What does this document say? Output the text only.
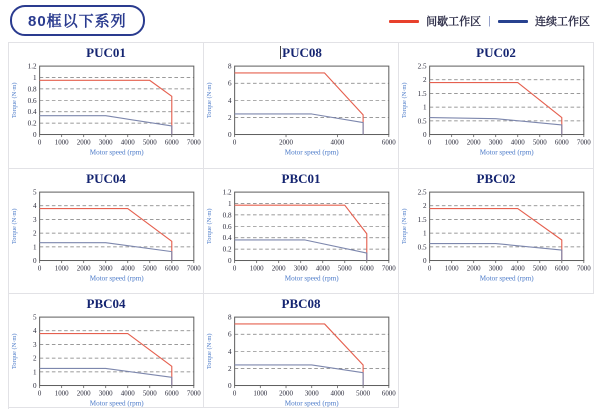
80框以下系列	间歇工作区 |	连续工作区
PUC01
0
0.2
0.4
0.6
0.8
1
1.2
0 1000 2000 3000 4000 5000 6000 7000
Motor speed (rpm)
Torque (N·m)
PUC08
0
2
4
6
8
0	2000	4000	6000
Motor speed (rpm)
Torque (N·m)
PUC02
0
0.5
1
1.5
2
2.5
0 1000 2000 3000 4000 5000 6000 7000
Motor speed (rpm)
Torque (N·m)
PUC04
0
1
2
3
4
5
0 1000 2000 3000 4000 5000 6000 7000
Motor speed (rpm)
Torque (N·m)
PBC01
0
0.2
0.4
0.6
0.8
1
1.2
0 1000 2000 3000 4000 5000 6000 7000
Motor speed (rpm)
Torque (N·m)
PBC02
0
0.5
1
1.5
2
2.5
0 1000 2000 3000 4000 5000 6000 7000
Motor speed (rpm)
Torque (N·m)
PBC04
0
1
2
3
4
5
0 1000 2000 3000 4000 5000 6000 7000
Motor speed (rpm)
Torque (N·m)
PBC08
0
2
4
6
8
0	1000 2000 3000 4000 5000 6000
Motor speed (rpm)
Torque (N·m)
